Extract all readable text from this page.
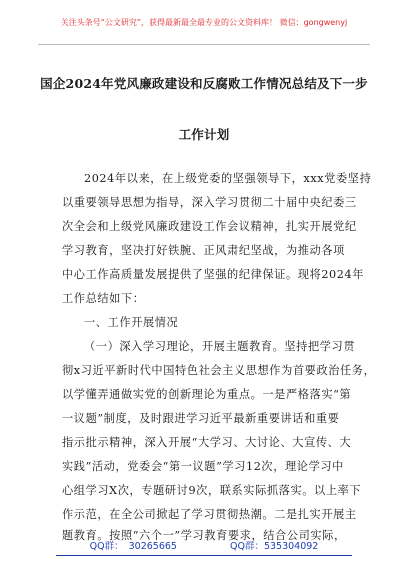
关注头条号“公文研究”，获得最新最全最专业的公文资料库！ 微信：gongwenyj
国企2024年党风廉政建设和反腐败工作情况总结及下一步
工作计划
2024年以来，在上级党委的坚强领导下，xxx党委坚持
以重要领导思想为指导，深入学习贯彻二十届中央纪委三
次全会和上级党风廉政建设工作会议精神，扎实开展党纪
学习教育，坚决打好铁腕、正风肃纪坚战，为推动各项
中心工作高质量发展提供了坚强的纪律保证。现将2024年
工作总结如下：
一、工作开展情况
（一）深入学习理论，开展主题教育。坚持把学习贯
彻x习近平新时代中国特色社会主义思想作为首要政治任务，
以学懂弄通做实党的创新理论为重点。一是严格落实“第
一议题”制度，及时跟进学习近平最新重要讲话和重要
指示批示精神，深入开展“大学习、大讨论、大宣传、大
实践”活动，党委会“第一议题”学习12次，理论学习中
心组学习X次，专题研讨9次，联系实际抓落实。以上率下
作示范，在全公司掀起了学习贯彻热潮。二是扎实开展主
题教育。按照“六个一”学习教育要求，结合公司实际，
QQ群： 30265665	QQ群：535304092
